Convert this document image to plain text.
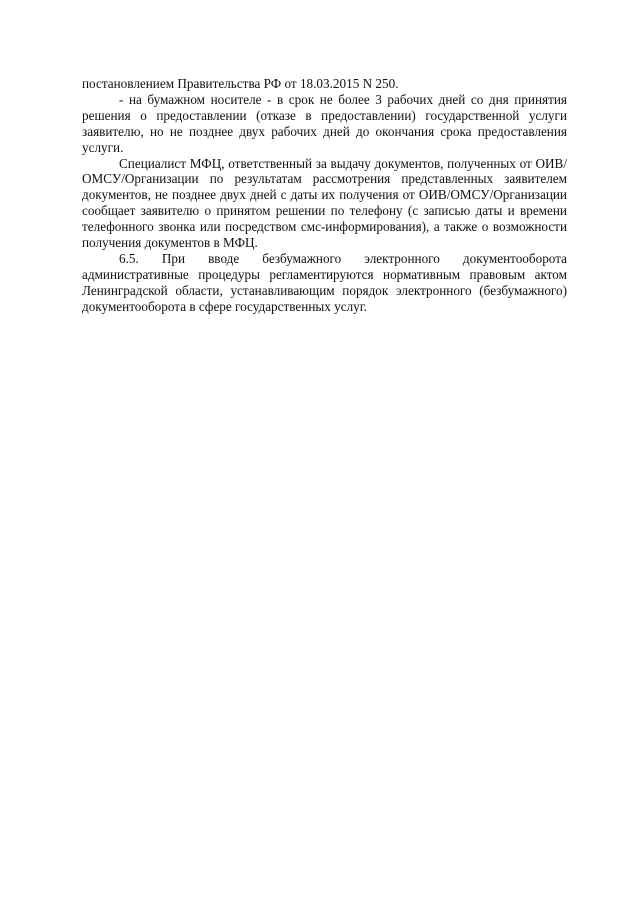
постановлением Правительства РФ от 18.03.2015 N 250.

- на бумажном носителе - в срок не более 3 рабочих дней со дня принятия решения о предоставлении (отказе в предоставлении) государственной услуги заявителю, но не позднее двух рабочих дней до окончания срока предоставления услуги.

Специалист МФЦ, ответственный за выдачу документов, полученных от ОИВ/ОМСУ/Организации по результатам рассмотрения представленных заявителем документов, не позднее двух дней с даты их получения от ОИВ/ОМСУ/Организации сообщает заявителю о принятом решении по телефону (с записью даты и времени телефонного звонка или посредством смс-информирования), а также о возможности получения документов в МФЦ.

6.5. При вводе безбумажного электронного документооборота административные процедуры регламентируются нормативным правовым актом Ленинградской области, устанавливающим порядок электронного (безбумажного) документооборота в сфере государственных услуг.
